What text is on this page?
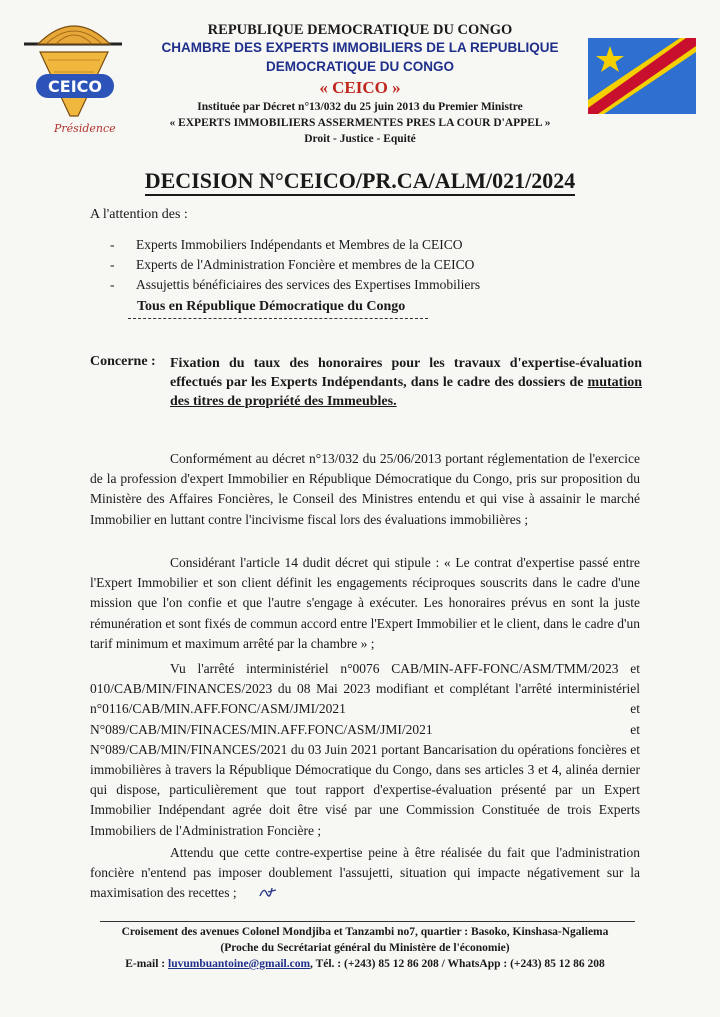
CEICO
Présidence
REPUBLIQUE DEMOCRATIQUE DU CONGO
CHAMBRE DES EXPERTS IMMOBILIERS DE LA REPUBLIQUE
DEMOCRATIQUE DU CONGO
« CEICO »
Instituée par Décret n°13/032 du 25 juin 2013 du Premier Ministre
« EXPERTS IMMOBILIERS ASSERMENTES PRES LA COUR D'APPEL »
Droit - Justice - Equité
DECISION N°CEICO/PR.CA/ALM/021/2024
A l'attention des :
- Experts Immobiliers Indépendants et Membres de la CEICO
- Experts de l'Administration Foncière et membres de la CEICO
- Assujettis bénéficiaires des services des Expertises Immobiliers
Tous en République Démocratique du Congo
Concerne : Fixation du taux des honoraires pour les travaux d'expertise-évaluation effectués par les Experts Indépendants, dans le cadre des dossiers de mutation des titres de propriété des Immeubles.
Conformément au décret n°13/032 du 25/06/2013 portant réglementation de l'exercice de la profession d'expert Immobilier en République Démocratique du Congo, pris sur proposition du Ministère des Affaires Foncières, le Conseil des Ministres entendu et qui vise à assainir le marché Immobilier en luttant contre l'incivisme fiscal lors des évaluations immobilières ;
Considérant l'article 14 dudit décret qui stipule : « Le contrat d'expertise passé entre l'Expert Immobilier et son client définit les engagements réciproques souscrits dans le cadre d'une mission que l'on confie et que l'autre s'engage à exécuter. Les honoraires prévus en sont la juste rémunération et sont fixés de commun accord entre l'Expert Immobilier et le client, dans le cadre d'un tarif minimum et maximum arrêté par la chambre » ;
Vu l'arrêté interministériel n°0076 CAB/MIN-AFF-FONC/ASM/TMM/2023 et 010/CAB/MIN/FINANCES/2023 du 08 Mai 2023 modifiant et complétant l'arrêté interministériel n°0116/CAB/MIN.AFF.FONC/ASM/JMI/2021 et N°089/CAB/MIN/FINACES/MIN.AFF.FONC/ASM/JMI/2021 et N°089/CAB/MIN/FINANCES/2021 du 03 Juin 2021 portant Bancarisation du opérations foncières et immobilières à travers la République Démocratique du Congo, dans ses articles 3 et 4, alinéa dernier qui dispose, particulièrement que tout rapport d'expertise-évaluation présenté par un Expert Immobilier Indépendant agrée doit être visé par une Commission Constituée de trois Experts Immobiliers de l'Administration Foncière ;
Attendu que cette contre-expertise peine à être réalisée du fait que l'administration foncière n'entend pas imposer doublement l'assujetti, situation qui impacte négativement sur la maximisation des recettes ;
Croisement des avenues Colonel Mondjiba et Tanzambi no7, quartier : Basoko, Kinshasa-Ngaliema
(Proche du Secrétariat général du Ministère de l'économie)
E-mail : luvumbuantoine@gmail.com, Tél. : (+243) 85 12 86 208 / WhatsApp : (+243) 85 12 86 208
